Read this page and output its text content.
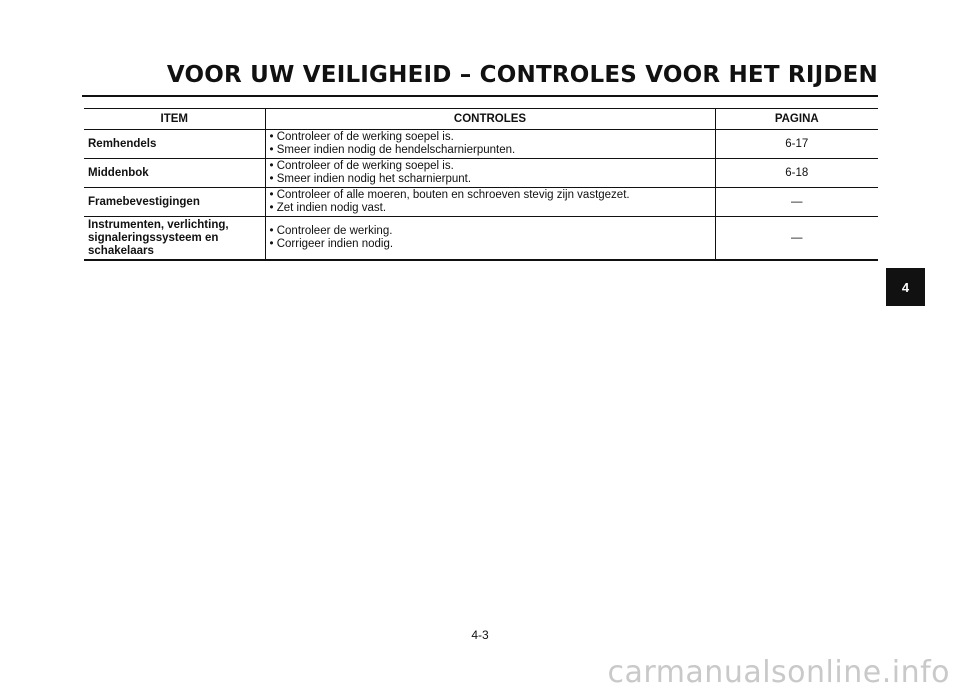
VOOR UW VEILIGHEID – CONTROLES VOOR HET RIJDEN
ITEM	CONTROLES	PAGINA
Remhendels	• Controleer of de werking soepel is.
• Smeer indien nodig de hendelscharnierpunten.	6-17
Middenbok	• Controleer of de werking soepel is.
• Smeer indien nodig het scharnierpunt.	6-18
Framebevestigingen	• Controleer of alle moeren, bouten en schroeven stevig zijn vastgezet.
• Zet indien nodig vast.	—

Instrumenten, verlichting,
signaleringssysteem en
schakelaars	• Controleer de werking.
• Corrigeer indien nodig.	—
4
4-3
carmanualsonline.info
